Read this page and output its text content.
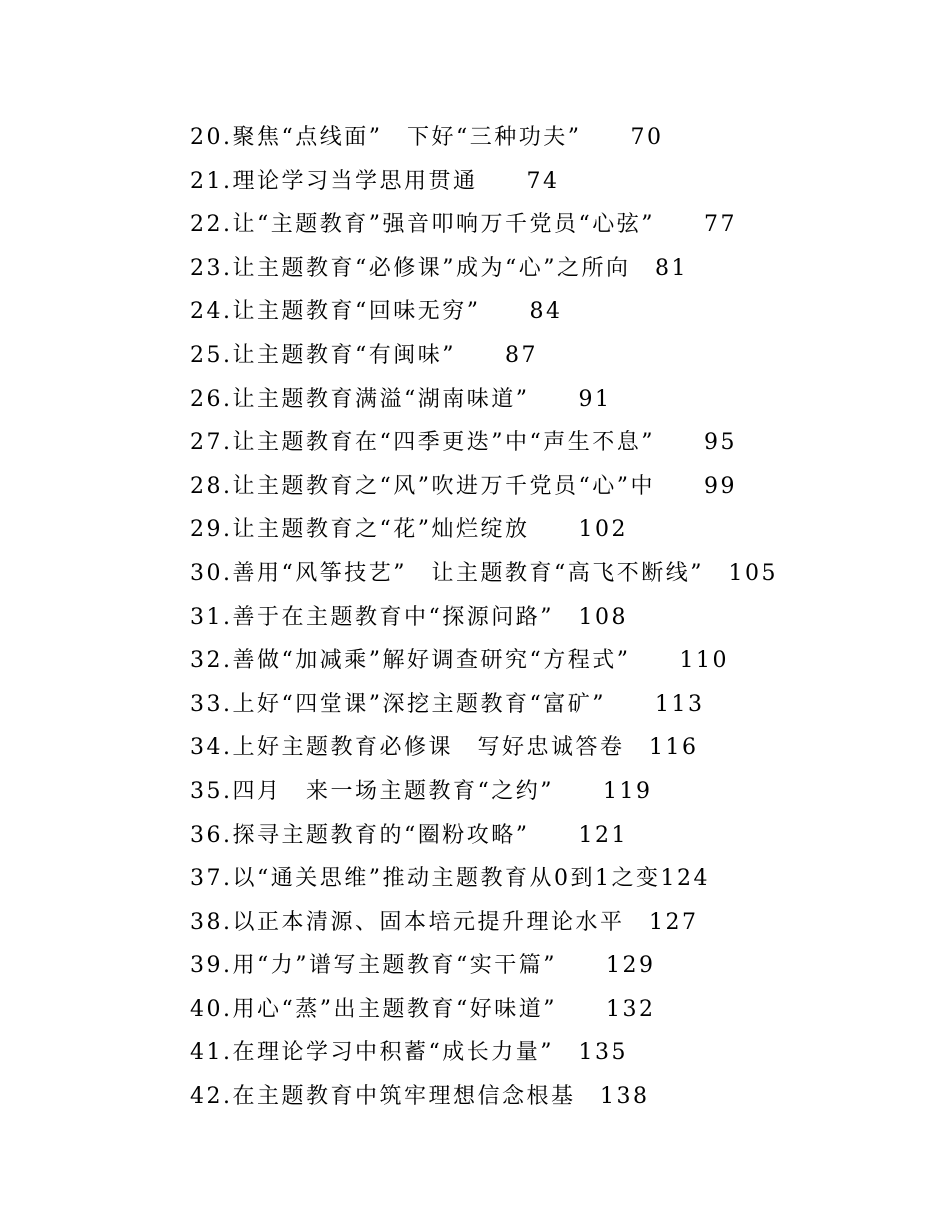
20.聚焦“点线面”　下好“三种功夫”　　70
21.理论学习当学思用贯通　　74
22.让“主题教育”强音叩响万千党员“心弦”　　77
23.让主题教育“必修课”成为“心”之所向　81
24.让主题教育“回味无穷”　　84
25.让主题教育“有闽味”　　87
26.让主题教育满溢“湖南味道”　　91
27.让主题教育在“四季更迭”中“声生不息”　　95
28.让主题教育之“风”吹进万千党员“心”中　　99
29.让主题教育之“花”灿烂绽放　　102
30.善用“风筝技艺”　让主题教育“高飞不断线”　105
31.善于在主题教育中“探源问路”　108
32.善做“加减乘”解好调查研究“方程式”　　110
33.上好“四堂课”深挖主题教育“富矿”　　113
34.上好主题教育必修课　写好忠诚答卷　116
35.四月　来一场主题教育“之约”　　119
36.探寻主题教育的“圈粉攻略”　　121
37.以“通关思维”推动主题教育从0到1之变124
38.以正本清源、固本培元提升理论水平　127
39.用“力”谱写主题教育“实干篇”　　129
40.用心“蒸”出主题教育“好味道”　　132
41.在理论学习中积蓄“成长力量”　135
42.在主题教育中筑牢理想信念根基　138
